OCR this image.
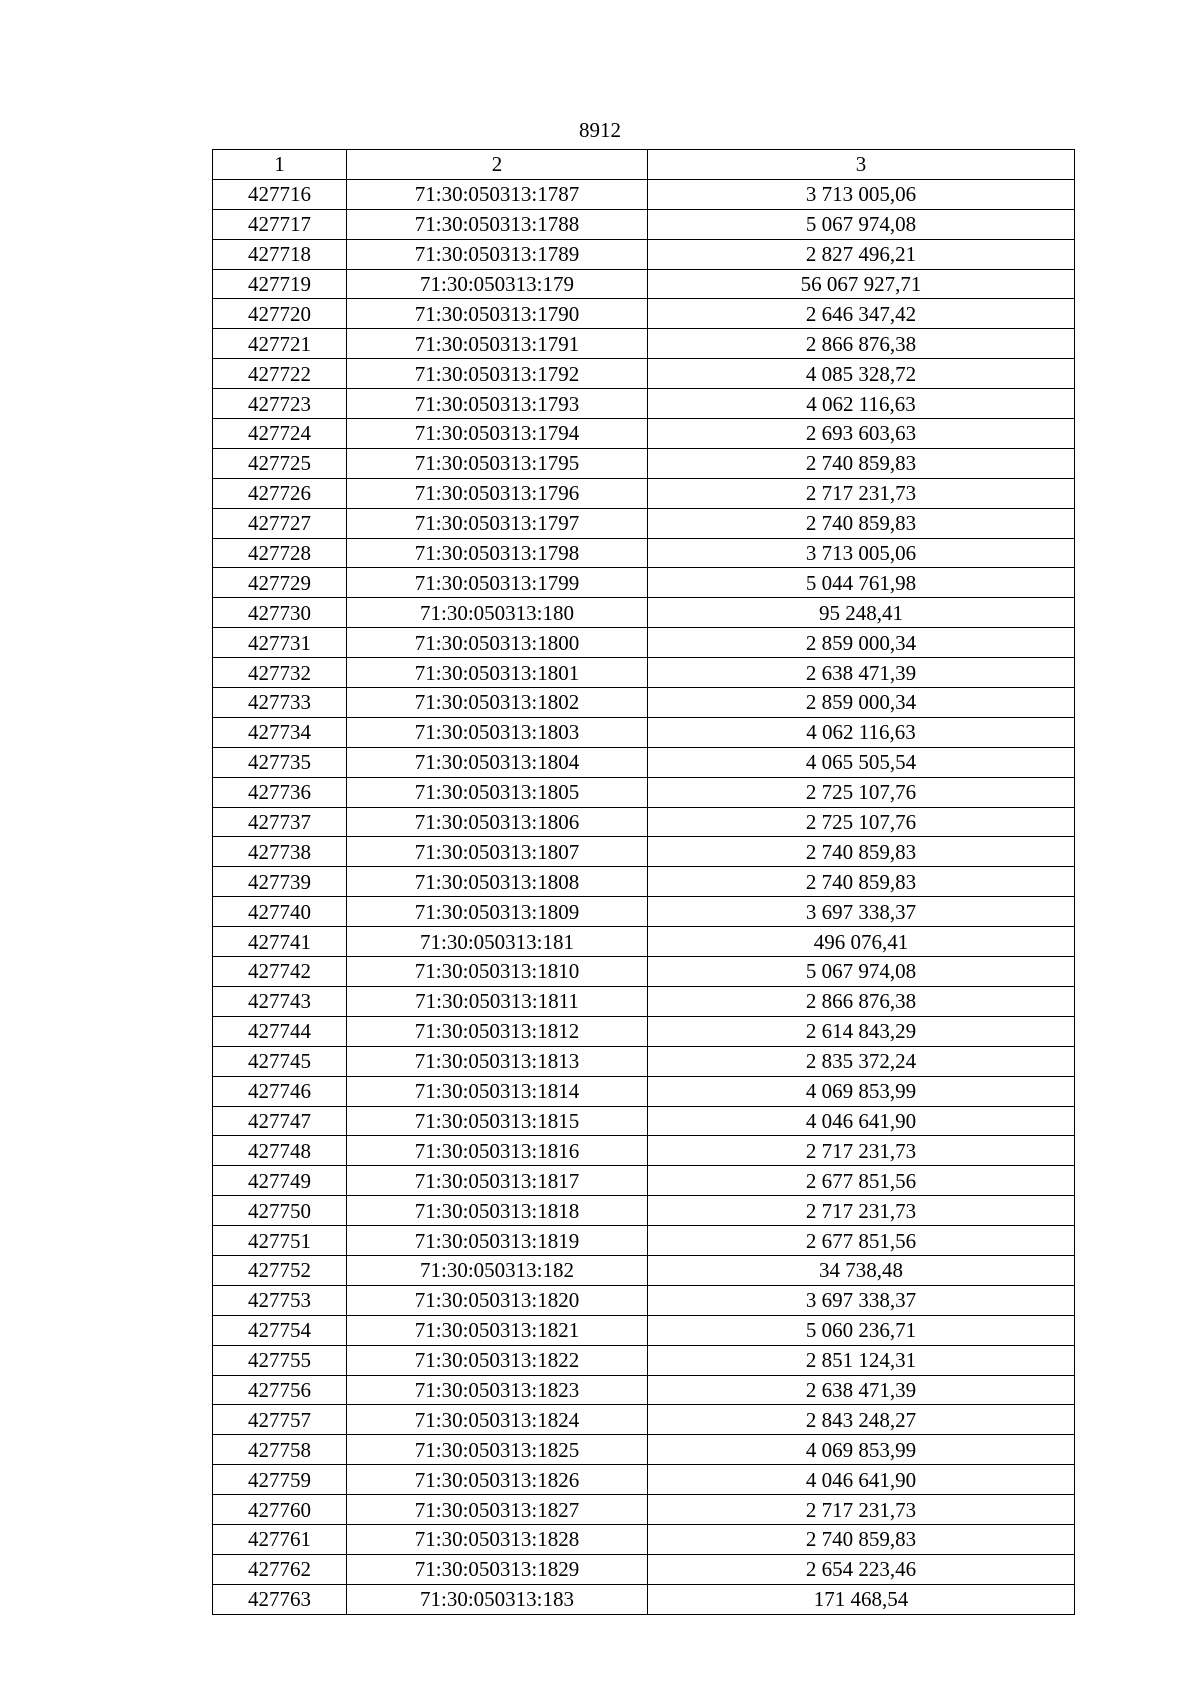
8912
1	2	3
427716	71:30:050313:1787	3 713 005,06
427717	71:30:050313:1788	5 067 974,08
427718	71:30:050313:1789	2 827 496,21
427719	71:30:050313:179	56 067 927,71
427720	71:30:050313:1790	2 646 347,42
427721	71:30:050313:1791	2 866 876,38
427722	71:30:050313:1792	4 085 328,72
427723	71:30:050313:1793	4 062 116,63
427724	71:30:050313:1794	2 693 603,63
427725	71:30:050313:1795	2 740 859,83
427726	71:30:050313:1796	2 717 231,73
427727	71:30:050313:1797	2 740 859,83
427728	71:30:050313:1798	3 713 005,06
427729	71:30:050313:1799	5 044 761,98
427730	71:30:050313:180	95 248,41
427731	71:30:050313:1800	2 859 000,34
427732	71:30:050313:1801	2 638 471,39
427733	71:30:050313:1802	2 859 000,34
427734	71:30:050313:1803	4 062 116,63
427735	71:30:050313:1804	4 065 505,54
427736	71:30:050313:1805	2 725 107,76
427737	71:30:050313:1806	2 725 107,76
427738	71:30:050313:1807	2 740 859,83
427739	71:30:050313:1808	2 740 859,83
427740	71:30:050313:1809	3 697 338,37
427741	71:30:050313:181	496 076,41
427742	71:30:050313:1810	5 067 974,08
427743	71:30:050313:1811	2 866 876,38
427744	71:30:050313:1812	2 614 843,29
427745	71:30:050313:1813	2 835 372,24
427746	71:30:050313:1814	4 069 853,99
427747	71:30:050313:1815	4 046 641,90
427748	71:30:050313:1816	2 717 231,73
427749	71:30:050313:1817	2 677 851,56
427750	71:30:050313:1818	2 717 231,73
427751	71:30:050313:1819	2 677 851,56
427752	71:30:050313:182	34 738,48
427753	71:30:050313:1820	3 697 338,37
427754	71:30:050313:1821	5 060 236,71
427755	71:30:050313:1822	2 851 124,31
427756	71:30:050313:1823	2 638 471,39
427757	71:30:050313:1824	2 843 248,27
427758	71:30:050313:1825	4 069 853,99
427759	71:30:050313:1826	4 046 641,90
427760	71:30:050313:1827	2 717 231,73
427761	71:30:050313:1828	2 740 859,83
427762	71:30:050313:1829	2 654 223,46
427763	71:30:050313:183	171 468,54
